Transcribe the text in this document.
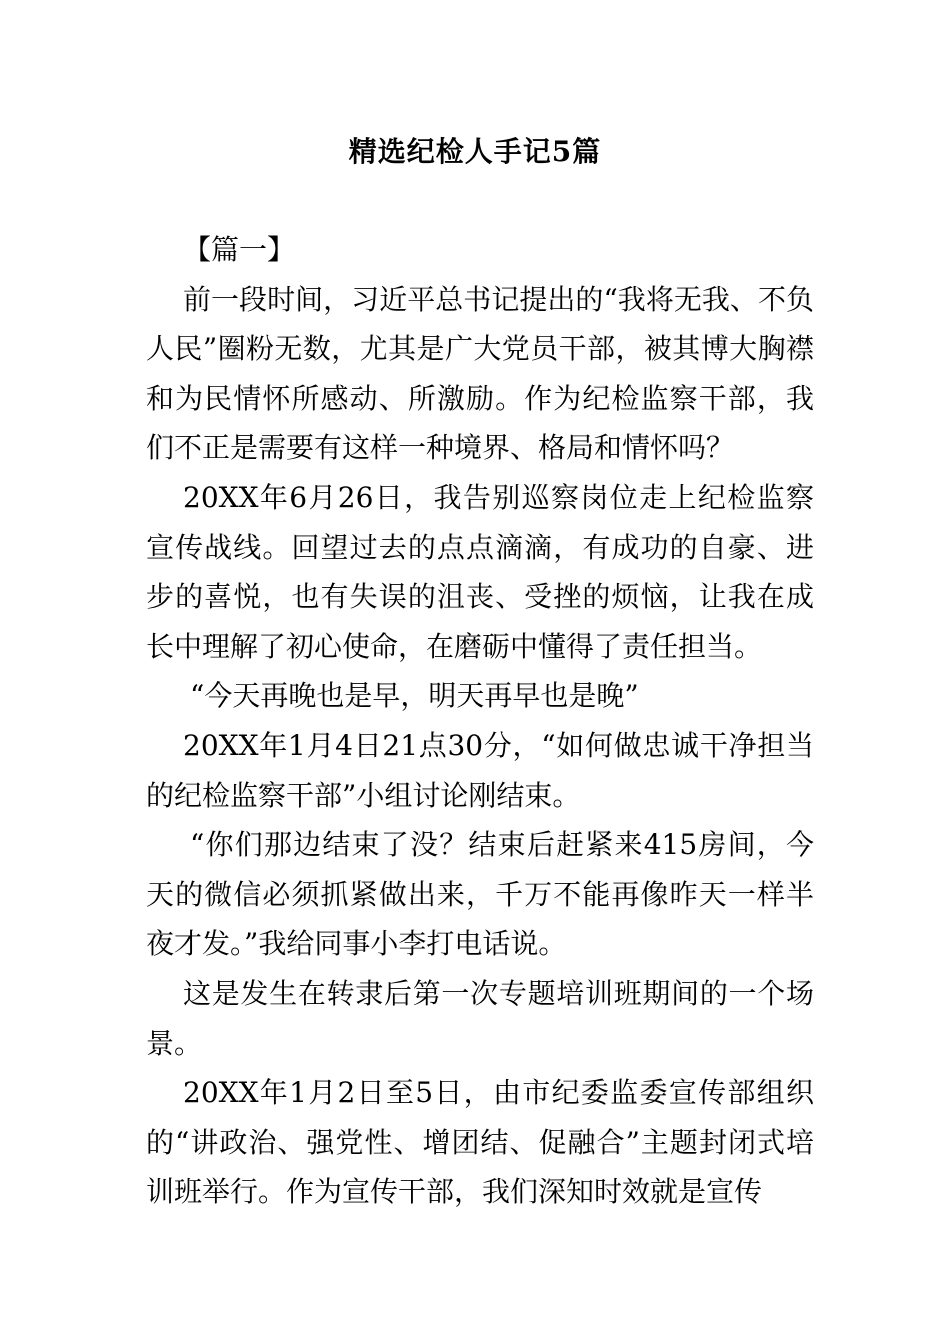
精选纪检人手记5篇

【篇一】

前一段时间，习近平总书记提出的“我将无我、不负人民”圈粉无数，尤其是广大党员干部，被其博大胸襟和为民情怀所感动、所激励。作为纪检监察干部，我们不正是需要有这样一种境界、格局和情怀吗？

20XX年6月26日，我告别巡察岗位走上纪检监察宣传战线。回望过去的点点滴滴，有成功的自豪、进步的喜悦，也有失误的沮丧、受挫的烦恼，让我在成长中理解了初心使命，在磨砺中懂得了责任担当。

“今天再晚也是早，明天再早也是晚”

20XX年1月4日21点30分，“如何做忠诚干净担当的纪检监察干部”小组讨论刚结束。

“你们那边结束了没？结束后赶紧来415房间，今天的微信必须抓紧做出来，千万不能再像昨天一样半夜才发。”我给同事小李打电话说。

这是发生在转隶后第一次专题培训班期间的一个场景。

20XX年1月2日至5日，由市纪委监委宣传部组织的“讲政治、强党性、增团结、促融合”主题封闭式培训班举行。作为宣传干部，我们深知时效就是宣传
